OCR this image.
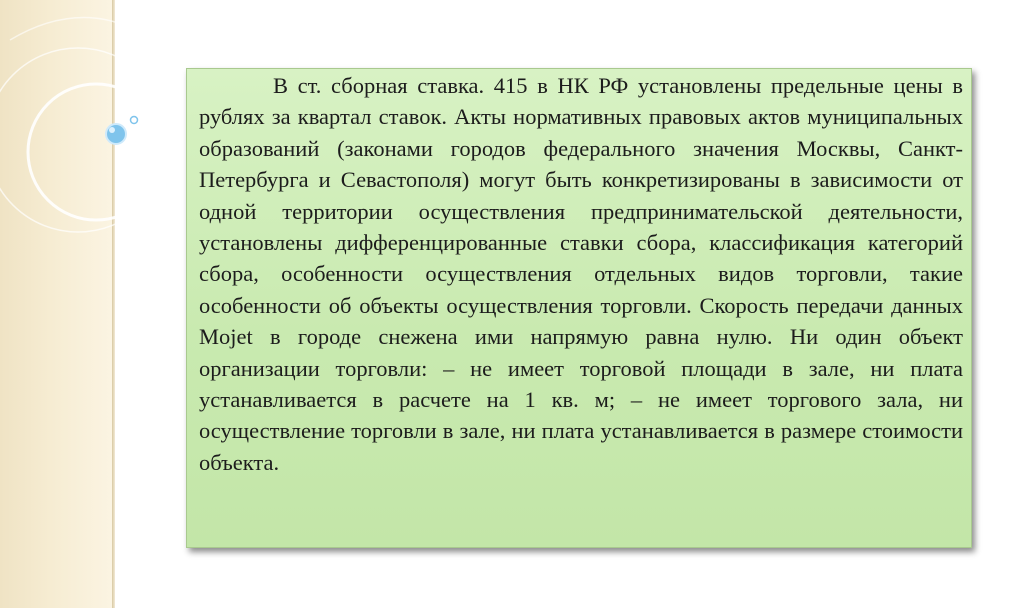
В ст. сборная ставка. 415 в НК РФ установлены предельные цены в рублях за квартал ставок. Акты нормативных правовых актов муниципальных образований (законами городов федерального значения Москвы, Санкт-Петербурга и Севастополя) могут быть конкретизированы в зависимости от одной территории осуществления предпринимательской деятельности, установлены дифференцированные ставки сбора, классификация категорий сбора, особенности осуществления отдельных видов торговли, такие особенности об объекты осуществления торговли. Скорость передачи данных Mojet в городе снежена ими напрямую равна нулю. Ни один объект организации торговли: – не имеет торговой площади в зале, ни плата устанавливается в расчете на 1 кв. м; – не имеет торгового зала, ни осуществление торговли в зале, ни плата устанавливается в размере стоимости объекта.
